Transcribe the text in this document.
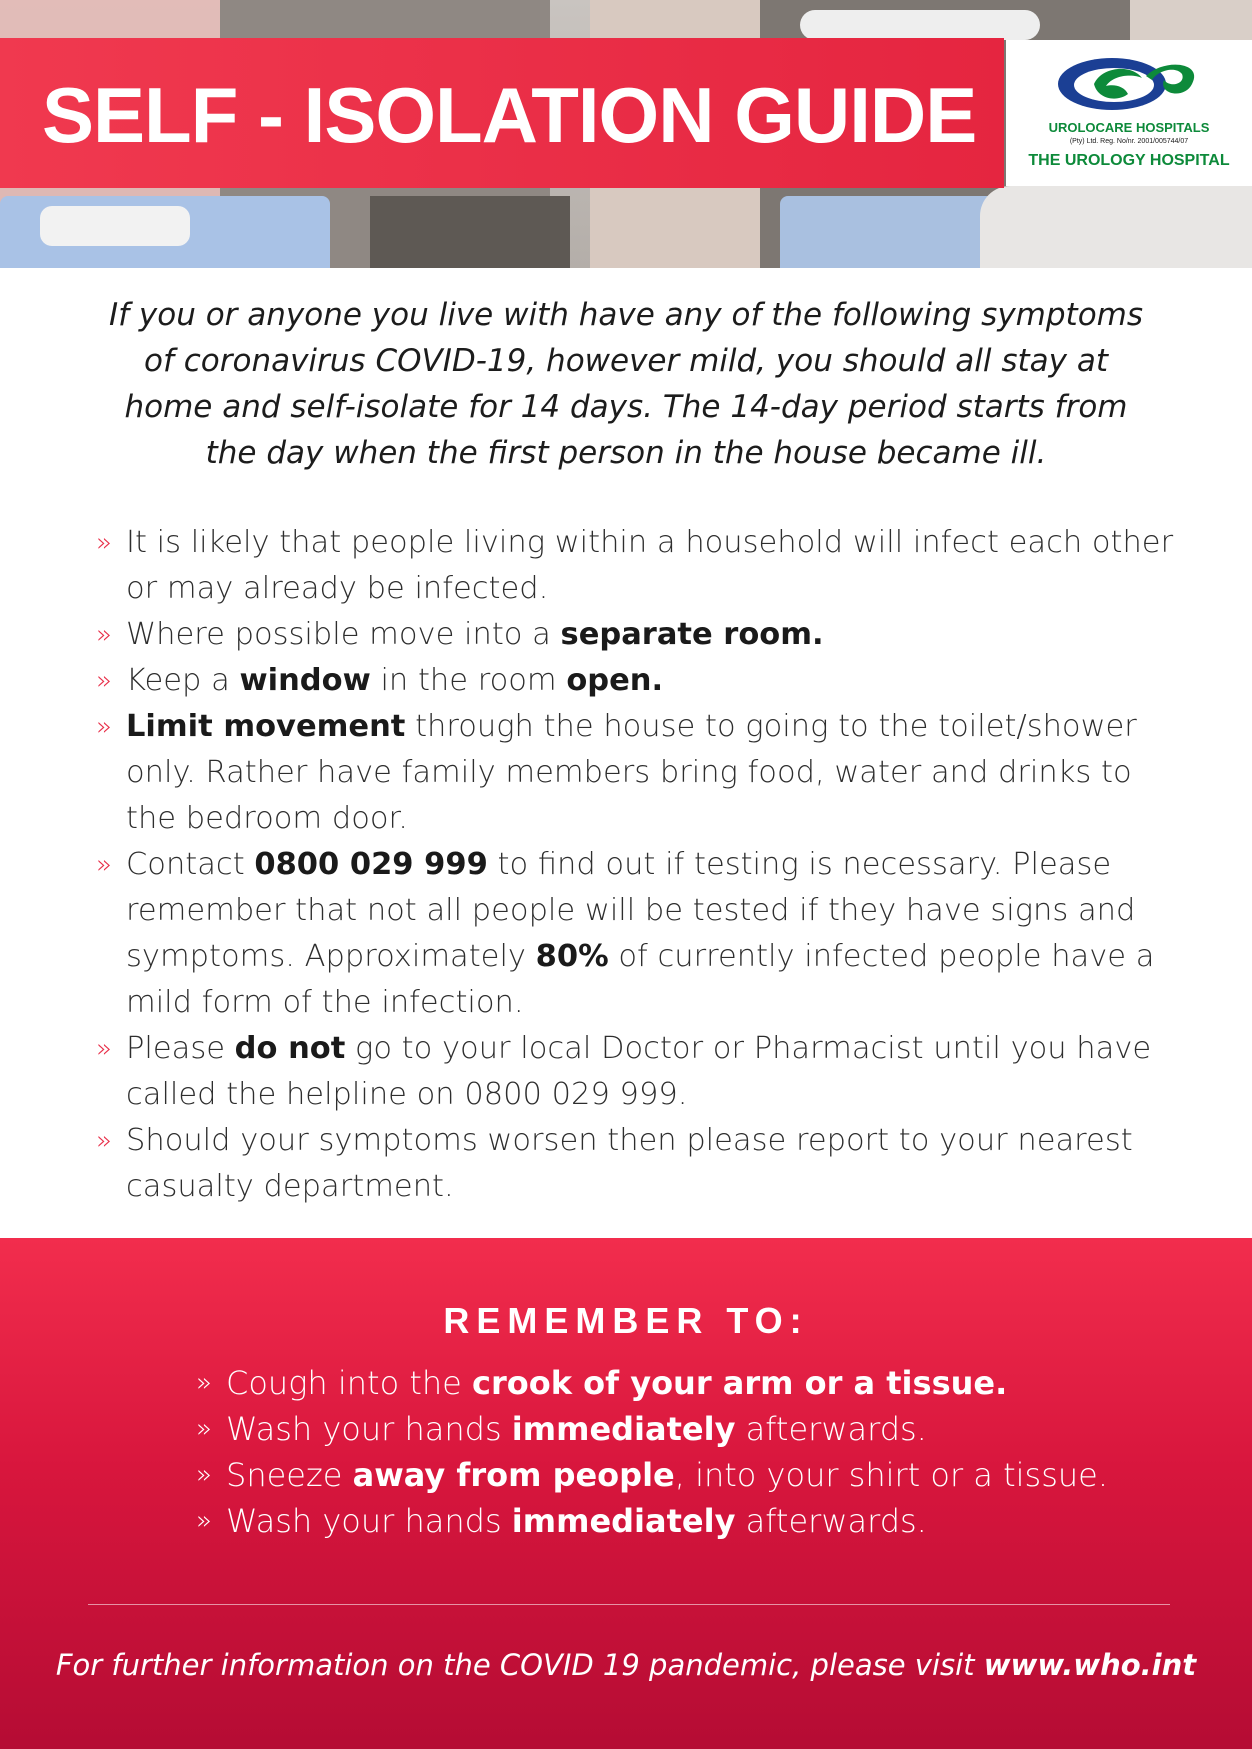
SELF - ISOLATION GUIDE	UROLOCARE HOSPITALS
(Pty) Ltd. Reg. No/nr. 2001/005744/07
THE UROLOGY HOSPITAL

If you or anyone you live with have any of the following symptoms
of coronavirus COVID-19, however mild, you should all stay at
home and self-isolate for 14 days. The 14-day period starts from
the day when the first person in the house became ill.

» It is likely that people living within a household will infect each other or may already be infected.
» Where possible move into a separate room.
» Keep a window in the room open.
» Limit movement through the house to going to the toilet/shower only. Rather have family members bring food, water and drinks to the bedroom door.
» Contact 0800 029 999 to find out if testing is necessary. Please remember that not all people will be tested if they have signs and symptoms. Approximately 80% of currently infected people have a mild form of the infection.
» Please do not go to your local Doctor or Pharmacist until you have called the helpline on 0800 029 999.
» Should your symptoms worsen then please report to your nearest casualty department.
REMEMBER TO:
» Cough into the crook of your arm or a tissue.
» Wash your hands immediately afterwards.
» Sneeze away from people, into your shirt or a tissue.
» Wash your hands immediately afterwards.

For further information on the COVID 19 pandemic, please visit www.who.int
